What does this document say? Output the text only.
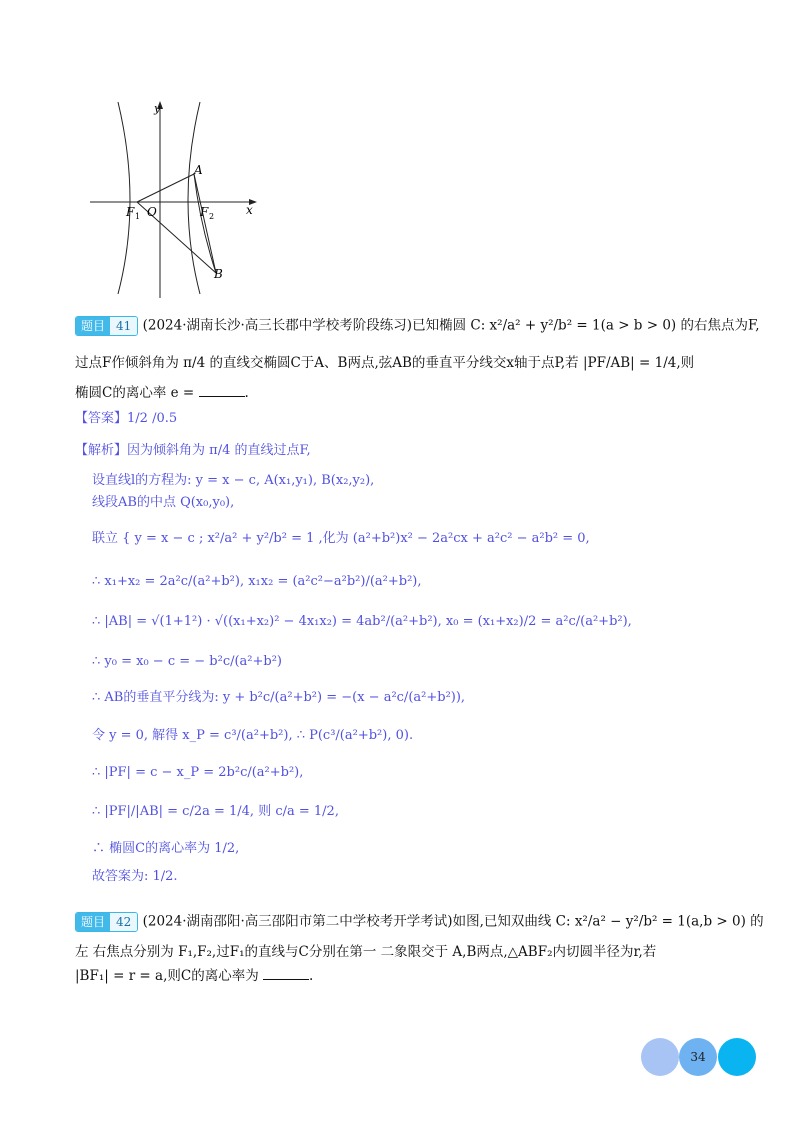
y
x
A
B
F 1 O	F 2
题目 41 (2024·湖南长沙·高三长郡中学校考阶段练习)已知椭圆 C: x²/a² + y²/b² = 1(a > b > 0) 的右焦点为F,
过点F作倾斜角为 π/4 的直线交椭圆C于A、B两点,弦AB的垂直平分线交x轴于点P,若 |PF/AB| = 1/4,则
椭圆C的离心率 e =	.
【答案】1/2 /0.5
【解析】因为倾斜角为 π/4 的直线过点F,
设直线l的方程为: y = x − c, A(x₁,y₁), B(x₂,y₂),
线段AB的中点 Q(x₀,y₀),
联立 { y = x − c ; x²/a² + y²/b² = 1 ,化为 (a²+b²)x² − 2a²cx + a²c² − a²b² = 0,
∴ x₁+x₂ = 2a²c/(a²+b²), x₁x₂ = (a²c²−a²b²)/(a²+b²),
∴ |AB| = √(1+1²) · √((x₁+x₂)² − 4x₁x₂) = 4ab²/(a²+b²), x₀ = (x₁+x₂)/2 = a²c/(a²+b²),
∴ y₀ = x₀ − c = − b²c/(a²+b²)
∴ AB的垂直平分线为: y + b²c/(a²+b²) = −(x − a²c/(a²+b²)),
令 y = 0, 解得 x_P = c³/(a²+b²), ∴ P(c³/(a²+b²), 0).
∴ |PF| = c − x_P = 2b²c/(a²+b²),
∴ |PF|/|AB| = c/2a = 1/4, 则 c/a = 1/2,
∴ 椭圆C的离心率为 1/2,
故答案为: 1/2.
题目 42 (2024·湖南邵阳·高三邵阳市第二中学校考开学考试)如图,已知双曲线 C: x²/a² − y²/b² = 1(a,b > 0) 的
左 右焦点分别为 F₁,F₂,过F₁的直线与C分别在第一 二象限交于 A,B两点,△ABF₂内切圆半径为r,若
|BF₁| = r = a,则C的离心率为	.
34
